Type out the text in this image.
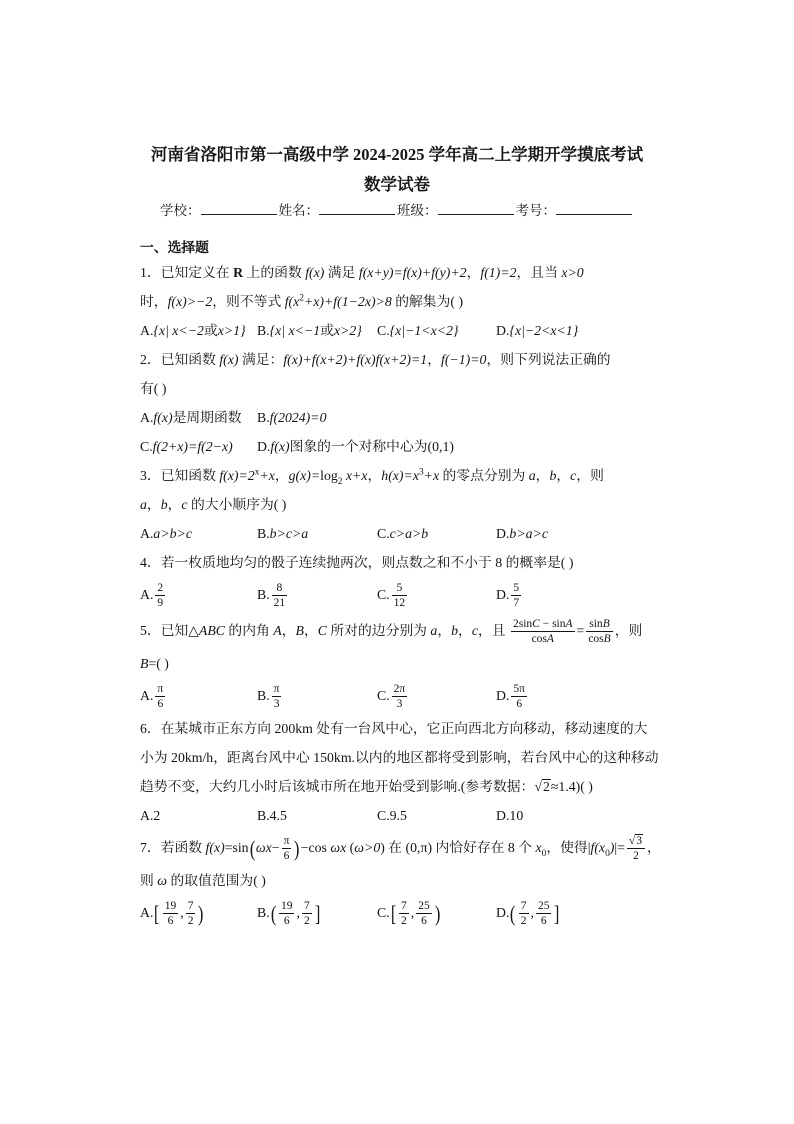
河南省洛阳市第一高级中学 2024-2025 学年高二上学期开学摸底考试
数学试卷
学校：	姓名：	班级：	考号：
一、选择题
1．已知定义在 R 上的函数 f(x) 满足 f(x+y)=f(x)+f(y)+2，f(1)=2，且当 x>0
时，f(x)>−2，则不等式 $f(x^2+x)+f(1-2x)>8$ 的解集为( )
A.{x| x<−2或x>1} B.{x| x<−1或x>2}	C.{x|−1<x<2}	D.{x|−2<x<1}
2．已知函数 f(x) 满足：f(x)+f(x+2)+f(x)f(x+2)=1，f(−1)=0，则下列说法正确的
有( )
A.f(x)是周期函数	B.f(2024)=0
C.f(2+x)=f(2−x)	D.f(x)图象的一个对称中心为(0,1)
3．已知函数 $f(x)=2^x+x$，$g(x)=\log_2$ x+x，$h(x)=x^3+x$ 的零点分别为 a，b，c，则
a，b，c 的大小顺序为( )
A.a>b>c	B.b>c>a	C.c>a>b	D.b>a>c
4．若一枚质地均匀的骰子连续抛两次，则点数之和不小于 8 的概率是( )
A. $\frac{2}{9}$	B. $\frac{8}{21}$	C. $\frac{5}{12}$	D. $\frac{5}{7}$
5．已知△ABC 的内角 A，B，C 所对的边分别为 a，b，c，且 $\frac{2\sin C - \sin A}{\cos A} = \frac{\sin B}{\cos B}$ ，则
B=( )
A. $\frac{\pi}{6}$	B. $\frac{\pi}{3}$	C. $\frac{2\pi}{3}$	D. $\frac{5\pi}{6}$
6．在某城市正东方向 200km 处有一台风中心，它正向西北方向移动，移动速度的大
小为 20km/h，距离台风中心 150km.以内的地区都将受到影响，若台风中心的这种移动
趋势不变，大约几小时后该城市所在地开始受到影响.(参考数据：√2≈1.4)( )
A.2	B.4.5	C.9.5	D.10
7．若函数 $f(x)=\sin(\omega x- \frac{\pi}{6} )-\cos$ ωx (ω>0) 在 (0,π) 内恰好存在 8 个 $x_0$，使得$|f(x_0)|= \frac{√3}{2}$ ，
则 ω 的取值范围为( )
$A.[ \frac{19}{6}$ , $\frac{7}{2}$ )	$B.( \frac{19}{6}$ , $\frac{7}{2}$ ]	$C.[ \frac{7}{2}$ , $\frac{25}{6}$ )	$D.( \frac{7}{2}$ , $\frac{25}{6}$ ]
